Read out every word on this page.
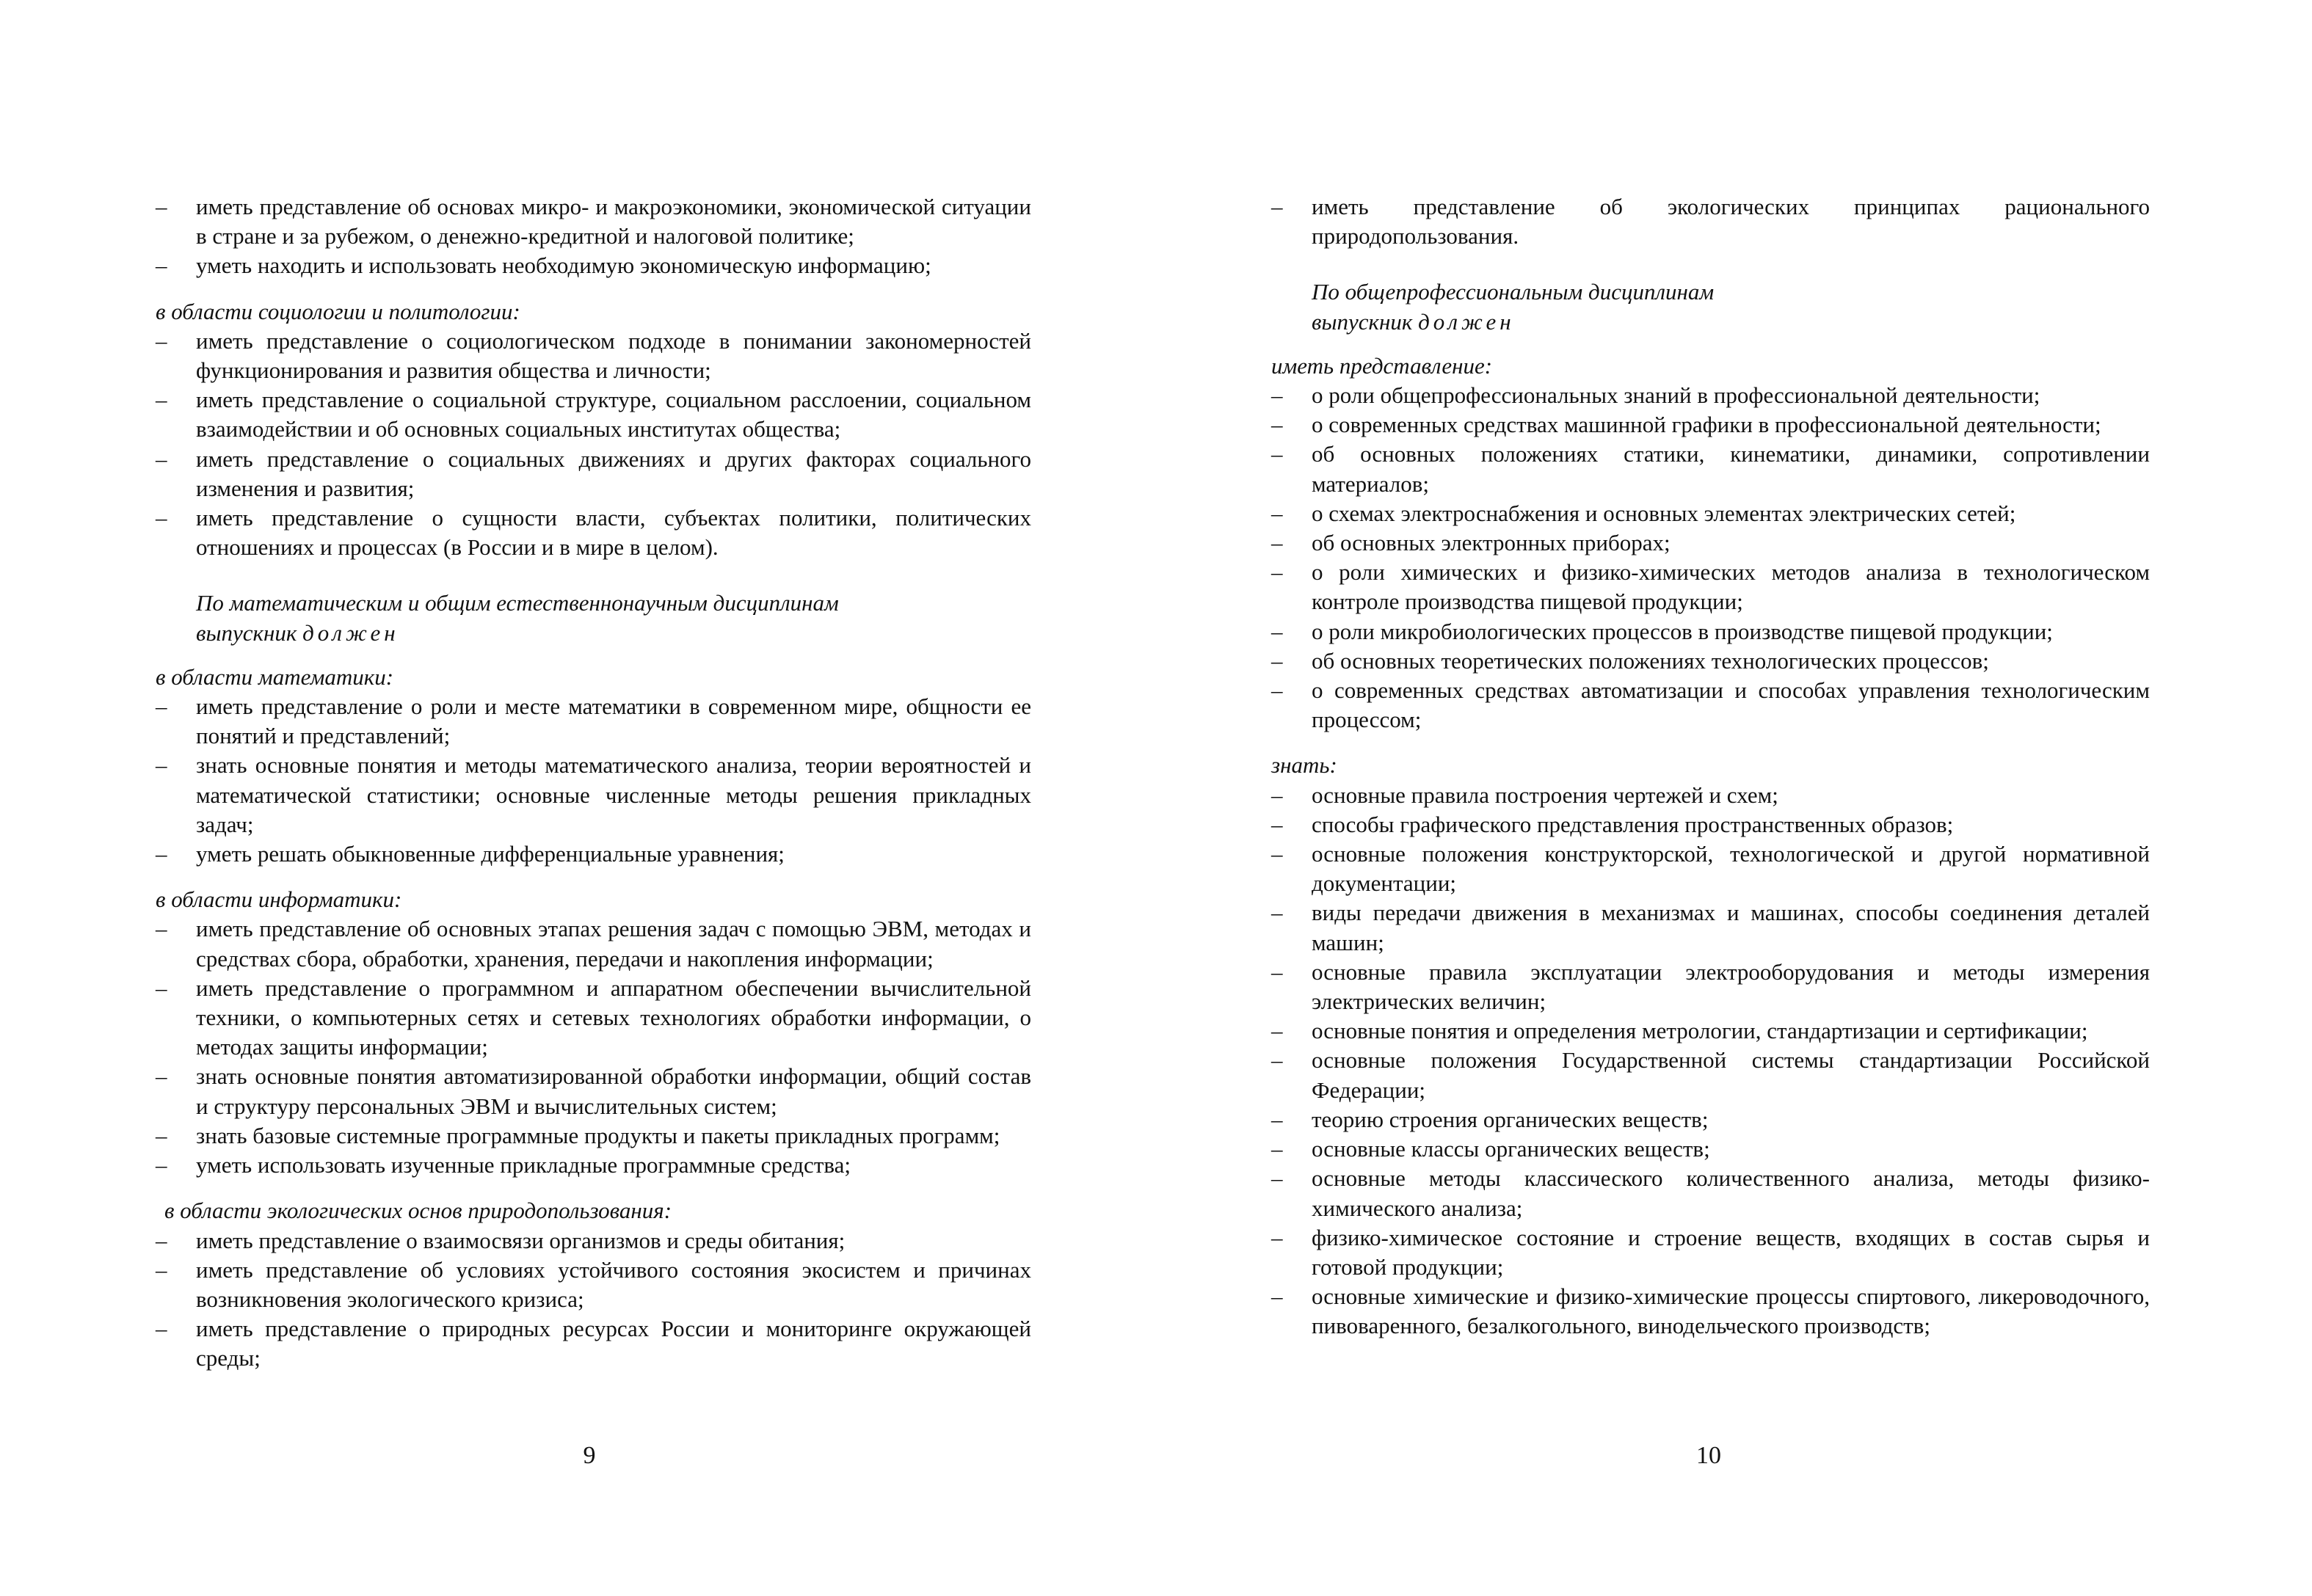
– иметь представление об основах микро- и макроэкономики, экономической ситуации в стране и за рубежом, о денежно-кредитной и налоговой политике;
– уметь находить и использовать необходимую экономическую информацию;
в области социологии и политологии:
– иметь представление о социологическом подходе в понимании закономерностей функционирования и развития общества и личности;
– иметь представление о социальной структуре, социальном расслоении, социальном взаимодействии и об основных социальных институтах общества;
– иметь представление о социальных движениях и других факторах социального изменения и развития;
– иметь представление о сущности власти, субъектах политики, политических отношениях и процессах (в России и в мире в целом).
По математическим и общим естественнонаучным дисциплинам
выпускник должен
в области математики:
– иметь представление о роли и месте математики в современном мире, общности ее понятий и представлений;
– знать основные понятия и методы математического анализа, теории вероятностей и математической статистики; основные численные методы решения прикладных задач;
– уметь решать обыкновенные дифференциальные уравнения;
в области информатики:
– иметь представление об основных этапах решения задач с помощью ЭВМ, методах и средствах сбора, обработки, хранения, передачи и накопления информации;
– иметь представление о программном и аппаратном обеспечении вычислительной техники, о компьютерных сетях и сетевых технологиях обработки информации, о методах защиты информации;
– знать основные понятия автоматизированной обработки информации, общий состав и структуру персональных ЭВМ и вычислительных систем;
– знать базовые системные программные продукты и пакеты прикладных программ;
– уметь использовать изученные прикладные программные средства;
в области экологических основ природопользования:
– иметь представление о взаимосвязи организмов и среды обитания;
– иметь представление об условиях устойчивого состояния экосистем и причинах возникновения экологического кризиса;
– иметь представление о природных ресурсах России и мониторинге окружающей среды;
9
– иметь представление об экологических принципах рационального природопользования.
По общепрофессиональным дисциплинам
выпускник должен
иметь представление:
– о роли общепрофессиональных знаний в профессиональной деятельности;
– о современных средствах машинной графики в профессиональной деятельности;
– об основных положениях статики, кинематики, динамики, сопротивлении материалов;
– о схемах электроснабжения и основных элементах электрических сетей;
– об основных электронных приборах;
– о роли химических и физико-химических методов анализа в технологическом контроле производства пищевой продукции;
– о роли микробиологических процессов в производстве пищевой продукции;
– об основных теоретических положениях технологических процессов;
– о современных средствах автоматизации и способах управления технологическим процессом;
знать:
– основные правила построения чертежей и схем;
– способы графического представления пространственных образов;
– основные положения конструкторской, технологической и другой нормативной документации;
– виды передачи движения в механизмах и машинах, способы соединения деталей машин;
– основные правила эксплуатации электрооборудования и методы измерения электрических величин;
– основные понятия и определения метрологии, стандартизации и сертификации;
– основные положения Государственной системы стандартизации Российской Федерации;
– теорию строения органических веществ;
– основные классы органических веществ;
– основные методы классического количественного анализа, методы физико-химического анализа;
– физико-химическое состояние и строение веществ, входящих в состав сырья и готовой продукции;
– основные химические и физико-химические процессы спиртового, ликероводочного, пивоваренного, безалкогольного, винодельческого производств;
10
